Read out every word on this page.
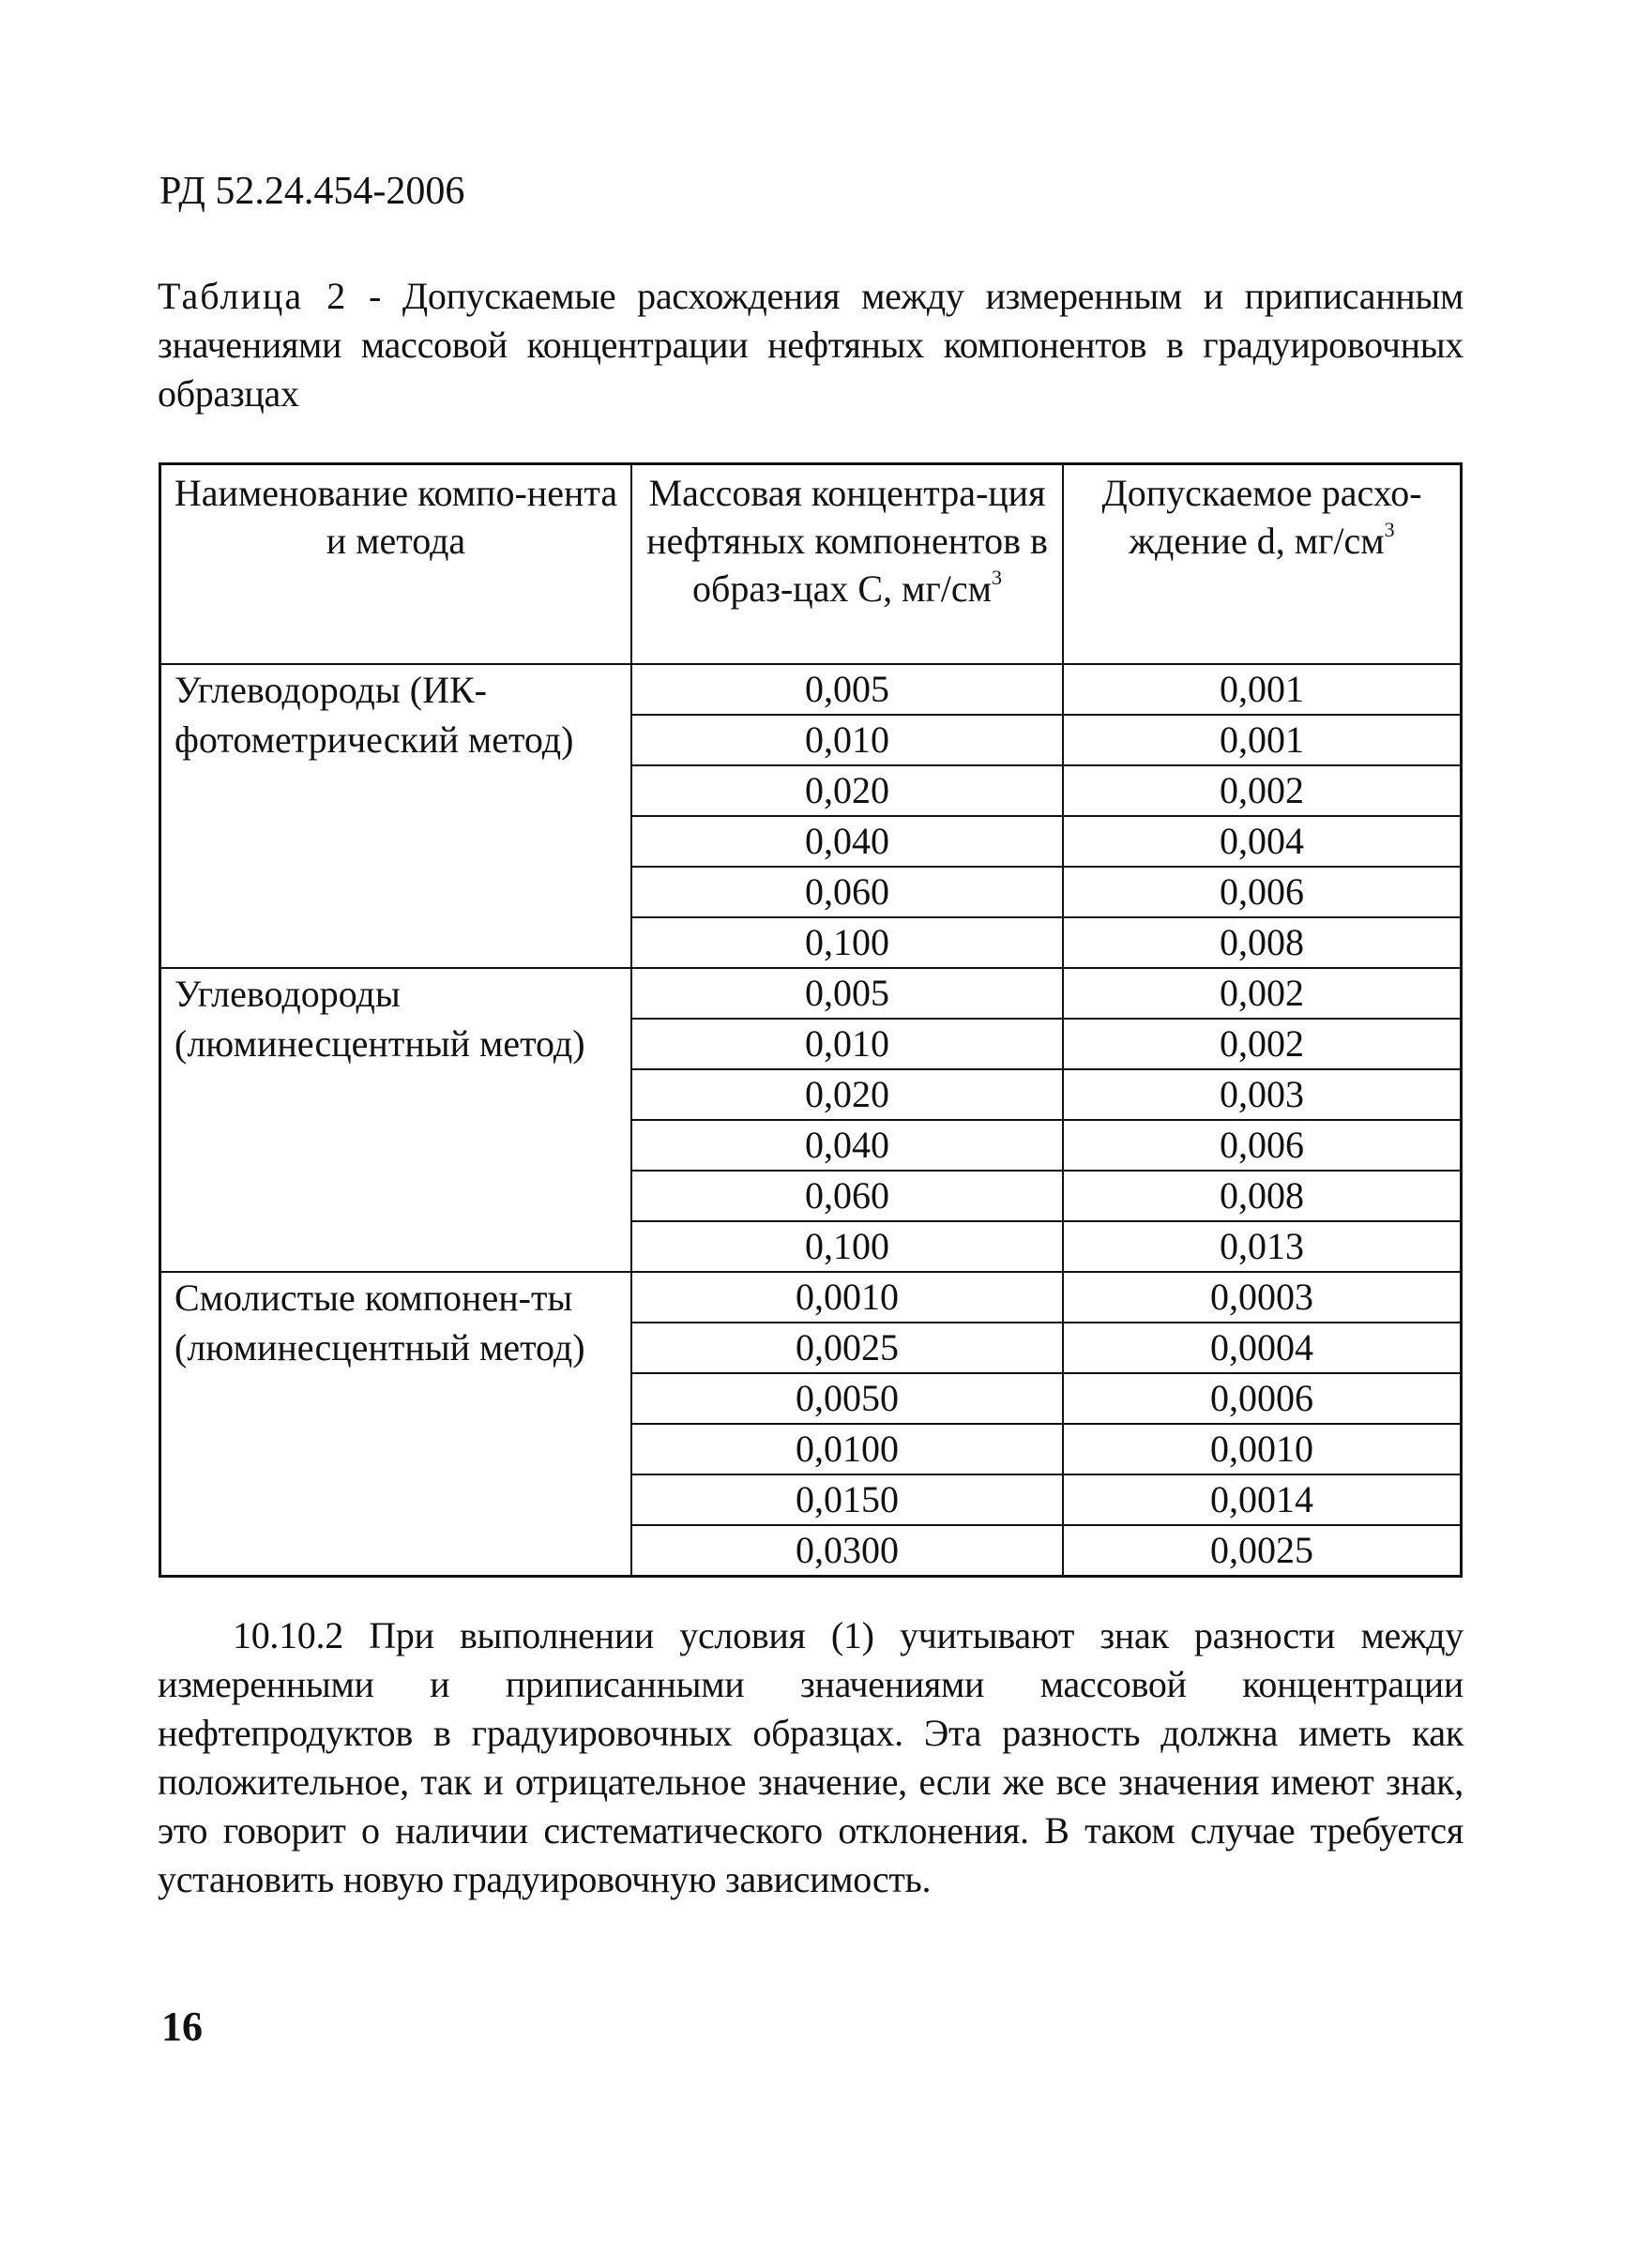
РД 52.24.454-2006
Таблица 2 - Допускаемые расхождения между измеренным и приписанным значениями массовой концентрации нефтяных компонентов в градуировочных образцах
Наименование компо-нента и метода	Массовая концентра-ция нефтяных компонентов в образ-цах С, $мг/см^3$	Допускаемое расхо-ждение d, $мг/см^3$
Углеводороды (ИК-фотометрический метод)	0,005	0,001
	0,010	0,001
	0,020	0,002
	0,040	0,004
	0,060	0,006
	0,100	0,008
Углеводороды (люминесцентный метод)	0,005	0,002
	0,010	0,002
	0,020	0,003
	0,040	0,006
	0,060	0,008
	0,100	0,013
Смолистые компонен-ты (люминесцентный метод)	0,0010	0,0003
	0,0025	0,0004
	0,0050	0,0006
	0,0100	0,0010
	0,0150	0,0014
	0,0300	0,0025
10.10.2 При выполнении условия (1) учитывают знак разности между измеренными и приписанными значениями массовой концентрации нефтепродуктов в градуировочных образцах. Эта разность должна иметь как положительное, так и отрицательное значение, если же все значения имеют знак, это говорит о наличии систематического отклонения. В таком случае требуется установить новую градуировочную зависимость.
16
